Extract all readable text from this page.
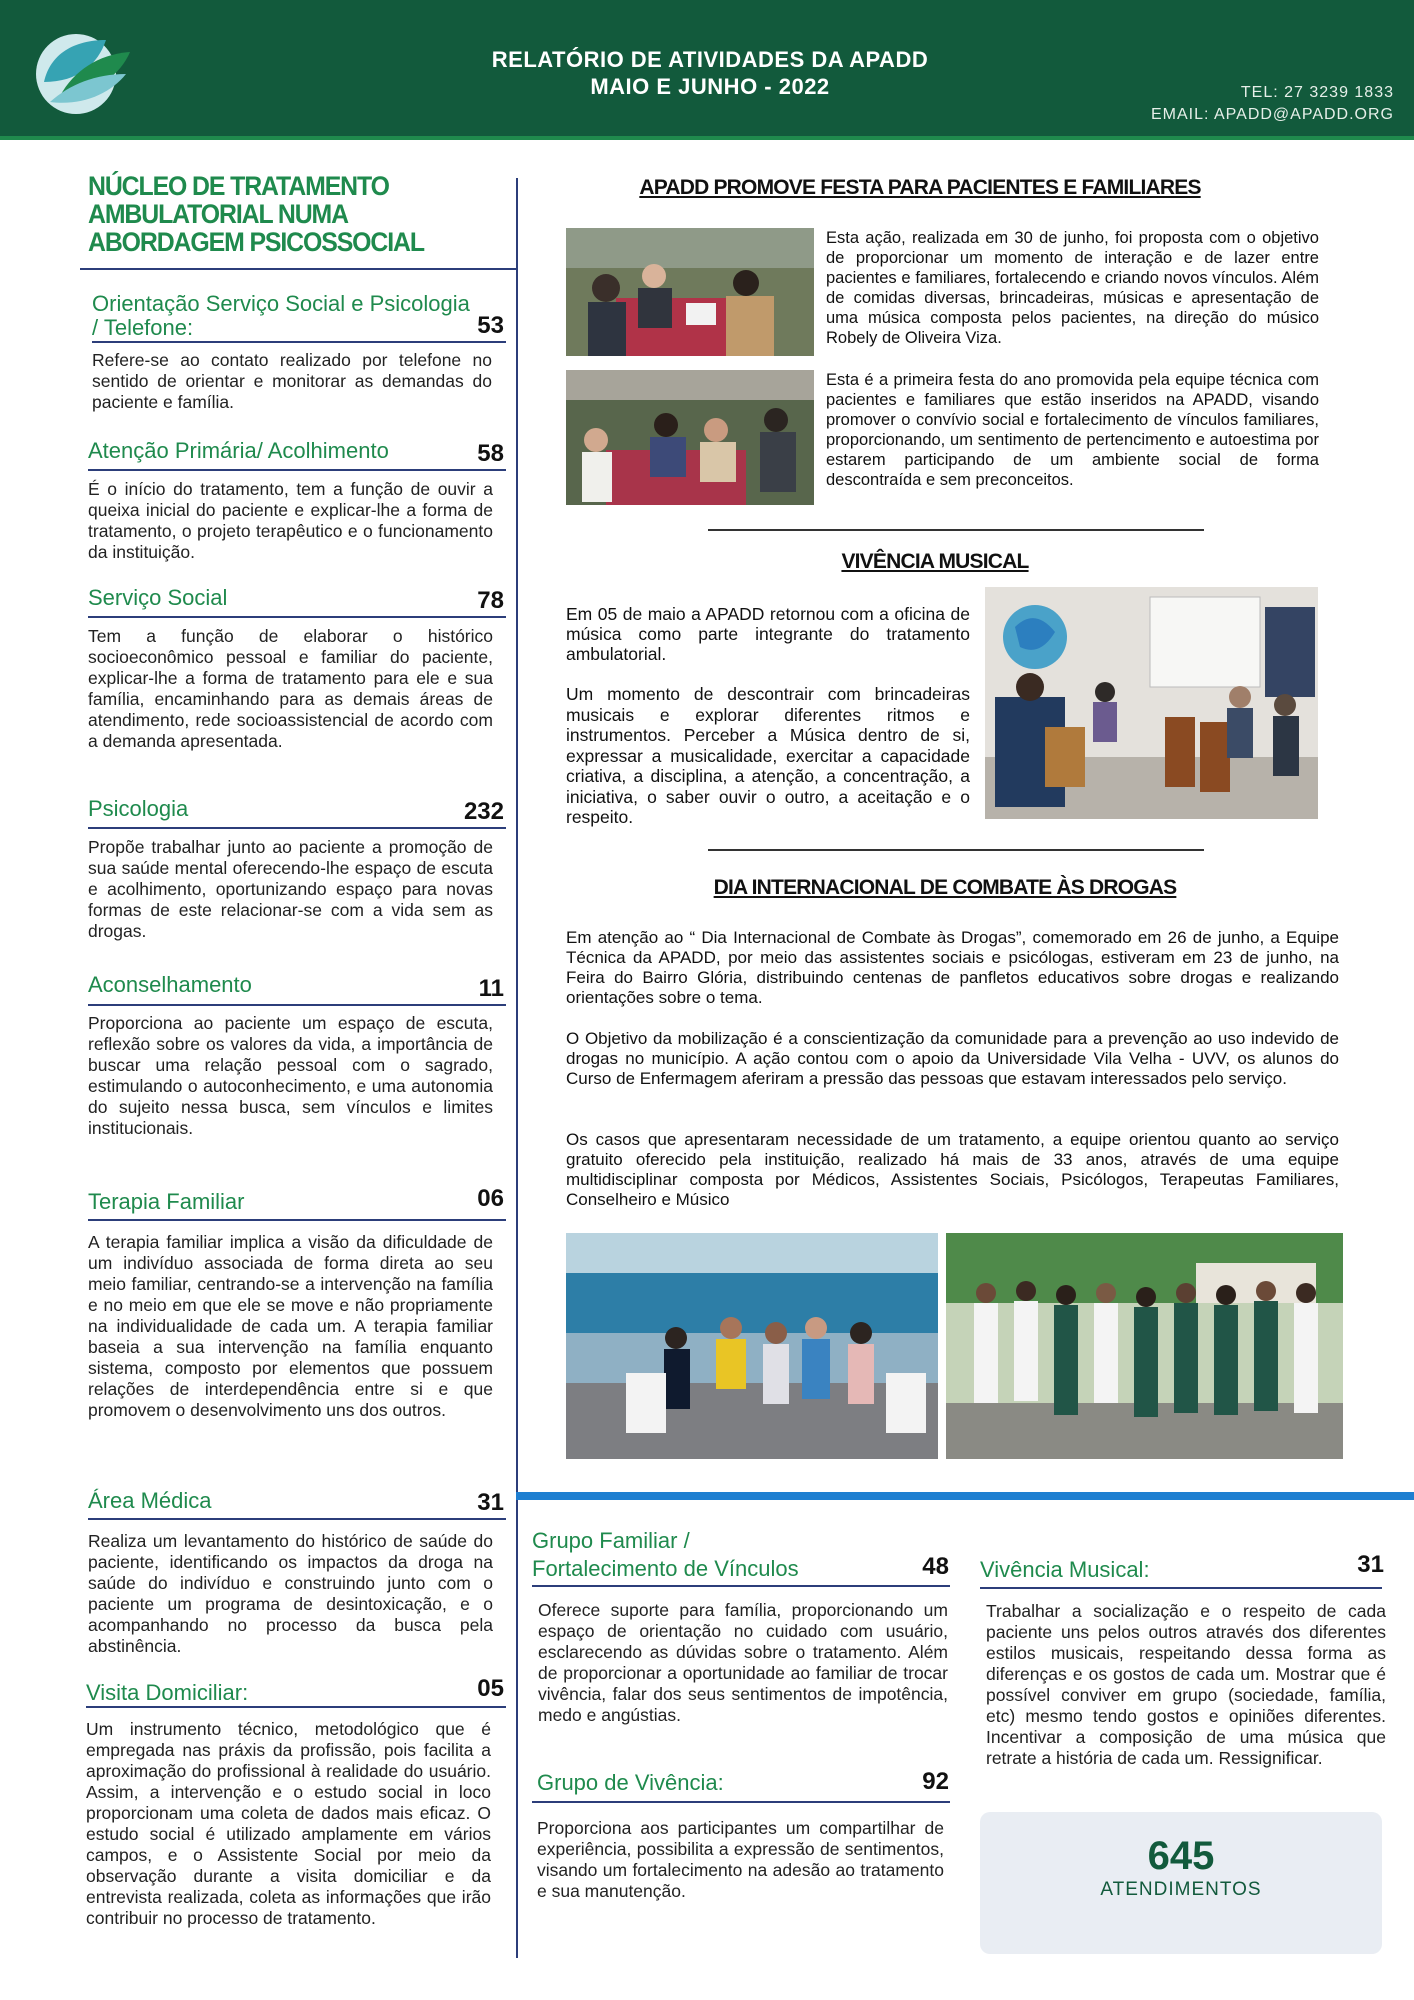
RELATÓRIO DE ATIVIDADES DA APADD
MAIO E JUNHO - 2022	TEL: 27 3239 1833
EMAIL: APADD@APADD.ORG
NÚCLEO DE TRATAMENTO AMBULATORIAL NUMA ABORDAGEM PSICOSSOCIAL
Orientação Serviço Social e Psicologia / Telefone:	53
Refere-se ao contato realizado por telefone no sentido de orientar e monitorar as demandas do paciente e família.
Atenção Primária/ Acolhimento	58
É o início do tratamento, tem a função de ouvir a queixa inicial do paciente e explicar-lhe a forma de tratamento, o projeto terapêutico e o funcionamento da instituição.
Serviço Social	78
Tem a função de elaborar o histórico socioeconômico pessoal e familiar do paciente, explicar-lhe a forma de tratamento para ele e sua família, encaminhando para as demais áreas de atendimento, rede socioassistencial de acordo com a demanda apresentada.
Psicologia	232
Propõe trabalhar junto ao paciente a promoção de sua saúde mental oferecendo-lhe espaço de escuta e acolhimento, oportunizando espaço para novas formas de este relacionar-se com a vida sem as drogas.
Aconselhamento	11
Proporciona ao paciente um espaço de escuta, reflexão sobre os valores da vida, a importância de buscar uma relação pessoal com o sagrado, estimulando o autoconhecimento, e uma autonomia do sujeito nessa busca, sem vínculos e limites institucionais.
Terapia Familiar	06
A terapia familiar implica a visão da dificuldade de um indivíduo associada de forma direta ao seu meio familiar, centrando-se a intervenção na família e no meio em que ele se move e não propriamente na individualidade de cada um. A terapia familiar baseia a sua intervenção na família enquanto sistema, composto por elementos que possuem relações de interdependência entre si e que promovem o desenvolvimento uns dos outros.
Área Médica	31
Realiza um levantamento do histórico de saúde do paciente, identificando os impactos da droga na saúde do indivíduo e construindo junto com o paciente um programa de desintoxicação, e o acompanhando no processo da busca pela abstinência.
Visita Domiciliar:	05
Um instrumento técnico, metodológico que é empregada nas práxis da profissão, pois facilita a aproximação do profissional à realidade do usuário. Assim, a intervenção e o estudo social in loco proporcionam uma coleta de dados mais eficaz. O estudo social é utilizado amplamente em vários campos, e o Assistente Social por meio da observação durante a visita domiciliar e da entrevista realizada, coleta as informações que irão contribuir no processo de tratamento.
APADD PROMOVE FESTA PARA PACIENTES E FAMILIARES
Esta ação, realizada em 30 de junho, foi proposta com o objetivo de proporcionar um momento de interação e de lazer entre pacientes e familiares, fortalecendo e criando novos vínculos. Além de comidas diversas, brincadeiras, músicas e apresentação de uma música composta pelos pacientes, na direção do músico Robely de Oliveira Viza.
Esta é a primeira festa do ano promovida pela equipe técnica com pacientes e familiares que estão inseridos na APADD, visando promover o convívio social e fortalecimento de vínculos familiares, proporcionando, um sentimento de pertencimento e autoestima por estarem participando de um ambiente social de forma descontraída e sem preconceitos.
VIVÊNCIA MUSICAL
Em 05 de maio a APADD retornou com a oficina de música como parte integrante do tratamento ambulatorial.
Um momento de descontrair com brincadeiras musicais e explorar diferentes ritmos e instrumentos. Perceber a Música dentro de si, expressar a musicalidade, exercitar a capacidade criativa, a disciplina, a atenção, a concentração, a iniciativa, o saber ouvir o outro, a aceitação e o respeito.
DIA INTERNACIONAL DE COMBATE ÀS DROGAS
Em atenção ao “ Dia Internacional de Combate às Drogas”, comemorado em 26 de junho, a Equipe Técnica da APADD, por meio das assistentes sociais e psicólogas, estiveram em 23 de junho, na Feira do Bairro Glória, distribuindo centenas de panfletos educativos sobre drogas e realizando orientações sobre o tema.
O Objetivo da mobilização é a conscientização da comunidade para a prevenção ao uso indevido de drogas no município. A ação contou com o apoio da Universidade Vila Velha - UVV, os alunos do Curso de Enfermagem aferiram a pressão das pessoas que estavam interessados pelo serviço.
Os casos que apresentaram necessidade de um tratamento, a equipe orientou quanto ao serviço gratuito oferecido pela instituição, realizado há mais de 33 anos, através de uma equipe multidisciplinar composta por Médicos, Assistentes Sociais, Psicólogos, Terapeutas Familiares, Conselheiro e Músico
Grupo Familiar /
Fortalecimento de Vínculos	48
Oferece suporte para família, proporcionando um espaço de orientação no cuidado com usuário, esclarecendo as dúvidas sobre o tratamento. Além de proporcionar a oportunidade ao familiar de trocar vivência, falar dos seus sentimentos de impotência, medo e angústias.
Grupo de Vivência:	92
Proporciona aos participantes um compartilhar de experiência, possibilita a expressão de sentimentos, visando um fortalecimento na adesão ao tratamento e sua manutenção.
Vivência Musical:	31
Trabalhar a socialização e o respeito de cada paciente uns pelos outros através dos diferentes estilos musicais, respeitando dessa forma as diferenças e os gostos de cada um. Mostrar que é possível conviver em grupo (sociedade, família, etc) mesmo tendo gostos e opiniões diferentes. Incentivar a composição de uma música que retrate a história de cada um. Ressignificar.
645
ATENDIMENTOS
